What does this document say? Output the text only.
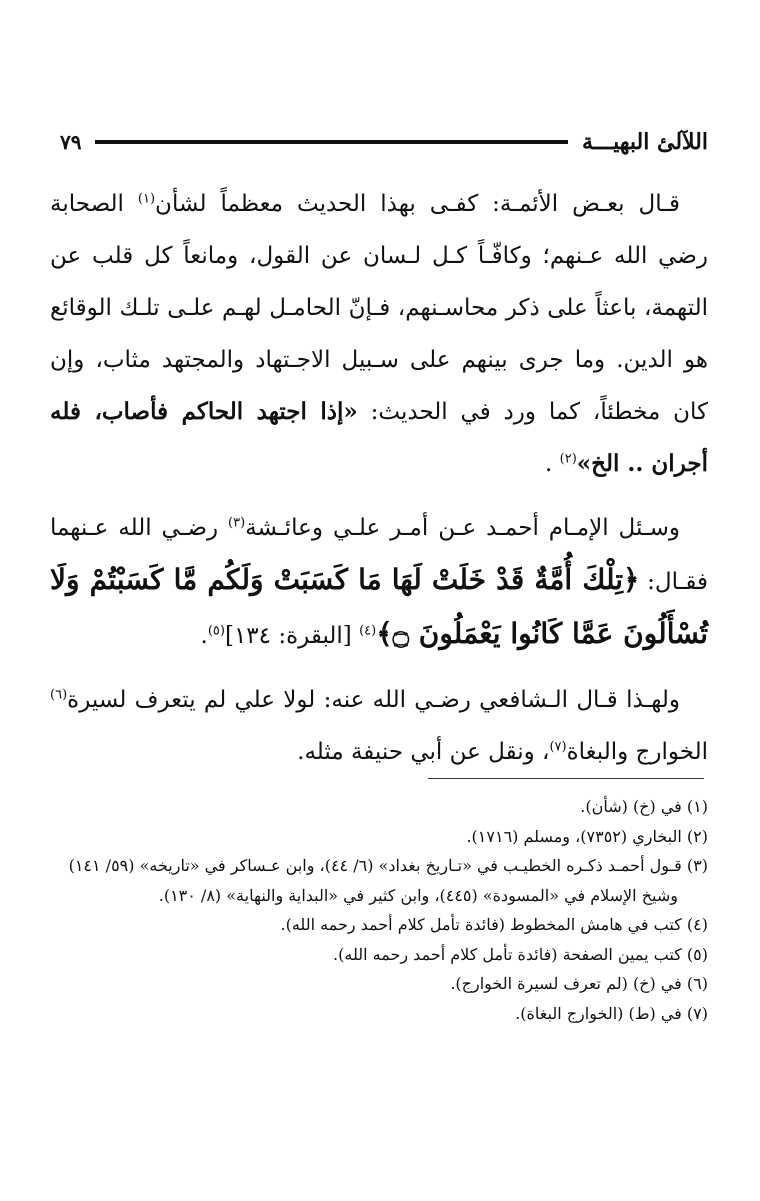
اللآلئ البهيـــة
٧٩

قـال بعـض الأئمـة: كفـى بهذا الحديث معظماً لشأن$^{(١)}$ الصحابة رضي الله عـنهم؛ وكافّـاً كـل لـسان عن القول، ومانعاً كل قلب عن التهمة، باعثاً على ذكر محاسـنهم، فـإنّ الحامـل لهـم علـى تلـك الوقائع هو الدين. وما جرى بينهم على سـبيل الاجـتهاد والمجتهد مثاب، وإن كان مخطئاً، كما ورد في الحديث: «إذا اجتهد الحاكم فأصاب، فله أجران .. الخ»$^{(٢)}$ .

وسـئل الإمـام أحمـد عـن أمـر علـي وعائـشة$^{(٣)}$ رضـي الله عـنهما فقـال: ﴿تِلْكَ أُمَّةٌ قَدْ خَلَتْ لَهَا مَا كَسَبَتْ وَلَكُم مَّا كَسَبْتُمْ وَلَا تُسْأَلُونَ عَمَّا كَانُوا يَعْمَلُونَ ۝﴾$^{(٤)}$ [البقرة: ١٣٤]$^{(٥)}$.

ولهـذا قـال الـشافعي رضـي الله عنه: لولا علي لم يتعرف لسيرة$^{(٦)}$ الخوارج والبغاة$^{(٧)}$، ونقل عن أبي حنيفة مثله.

(١) في (خ) (شأن).

(٢) البخاري (٧٣٥٢)، ومسلم (١٧١٦).

(٣) قـول أحمـد ذكـره الخطيـب في «تـاريخ بغداد» (٦/ ٤٤)، وابن عـساكر في «تاريخه» (٥٩/ ١٤١)

وشيخ الإسلام في «المسودة» (٤٤٥)، وابن كثير في «البداية والنهاية» (٨/ ١٣٠).

(٤) كتب في هامش المخطوط (فائدة تأمل كلام أحمد رحمه الله).

(٥) كتب يمين الصفحة (فائدة تأمل كلام أحمد رحمه الله).

(٦) في (خ) (لم تعرف لسيرة الخوارج).

(٧) في (ط) (الخوارج البغاة).
